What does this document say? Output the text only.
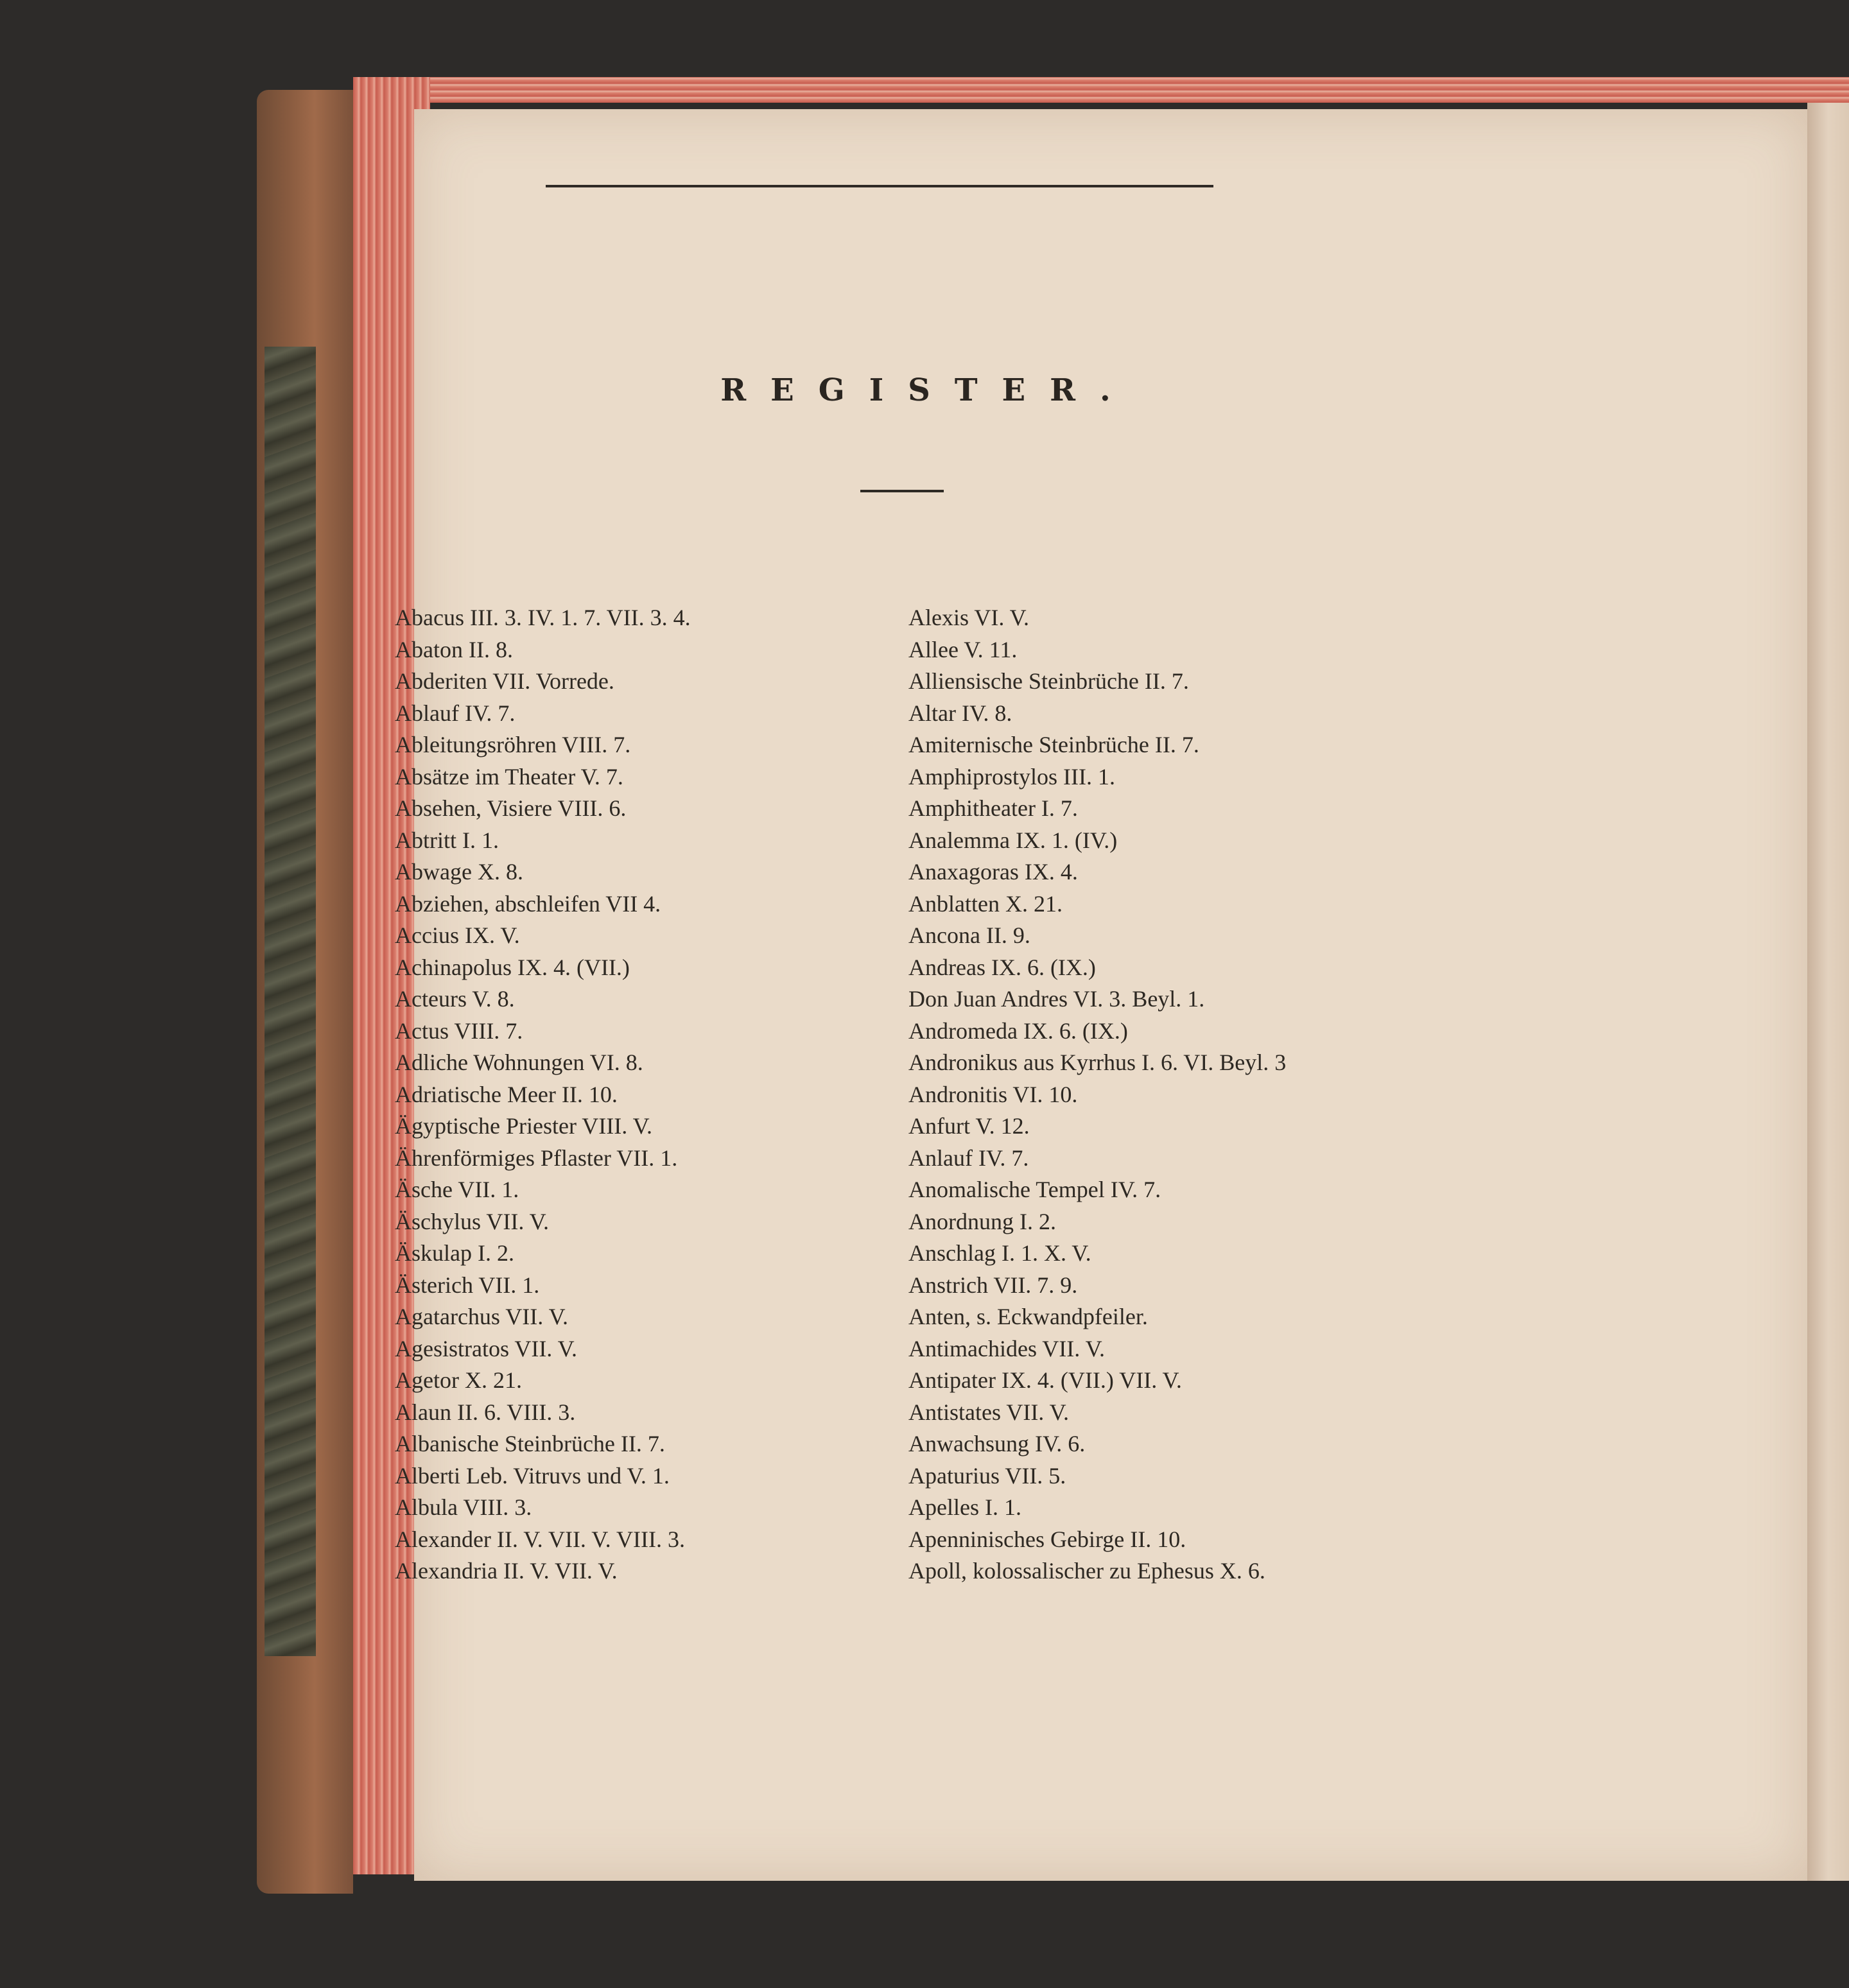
REGISTER.
Abacus III. 3. IV. 1. 7. VII. 3. 4.
Abaton II. 8.
Abderiten VII. Vorrede.
Ablauf IV. 7.
Ableitungsröhren VIII. 7.
Absätze im Theater V. 7.
Absehen, Visiere VIII. 6.
Abtritt I. 1.
Abwage X. 8.
Abziehen, abschleifen VII 4.
Accius IX. V.
Achinapolus IX. 4. (VII.)
Acteurs V. 8.
Actus VIII. 7.
Adliche Wohnungen VI. 8.
Adriatische Meer II. 10.
Ägyptische Priester VIII. V.
Ährenförmiges Pflaster VII. 1.
Äsche VII. 1.
Äschylus VII. V.
Äskulap I. 2.
Ästerich VII. 1.
Agatarchus VII. V.
Agesistratos VII. V.
Agetor X. 21.
Alaun II. 6. VIII. 3.
Albanische Steinbrüche II. 7.
Alberti Leb. Vitruvs und V. 1.
Albula VIII. 3.
Alexander II. V. VII. V. VIII. 3.
Alexandria II. V. VII. V.
Alexis VI. V.
Allee V. 11.
Alliensische Steinbrüche II. 7.
Altar IV. 8.
Amiternische Steinbrüche II. 7.
Amphiprostylos III. 1.
Amphitheater I. 7.
Analemma IX. 1. (IV.)
Anaxagoras IX. 4.
Anblatten X. 21.
Ancona II. 9.
Andreas IX. 6. (IX.)
Don Juan Andres VI. 3. Beyl. 1.
Andromeda IX. 6. (IX.)
Andronikus aus Kyrrhus I. 6. VI. Beyl. 3
Andronitis VI. 10.
Anfurt V. 12.
Anlauf IV. 7.
Anomalische Tempel IV. 7.
Anordnung I. 2.
Anschlag I. 1. X. V.
Anstrich VII. 7. 9.
Anten, s. Eckwandpfeiler.
Antimachides VII. V.
Antipater IX. 4. (VII.) VII. V.
Antistates VII. V.
Anwachsung IV. 6.
Apaturius VII. 5.
Apelles I. 1.
Apenninisches Gebirge II. 10.
Apoll, kolossalischer zu Ephesus X. 6.
